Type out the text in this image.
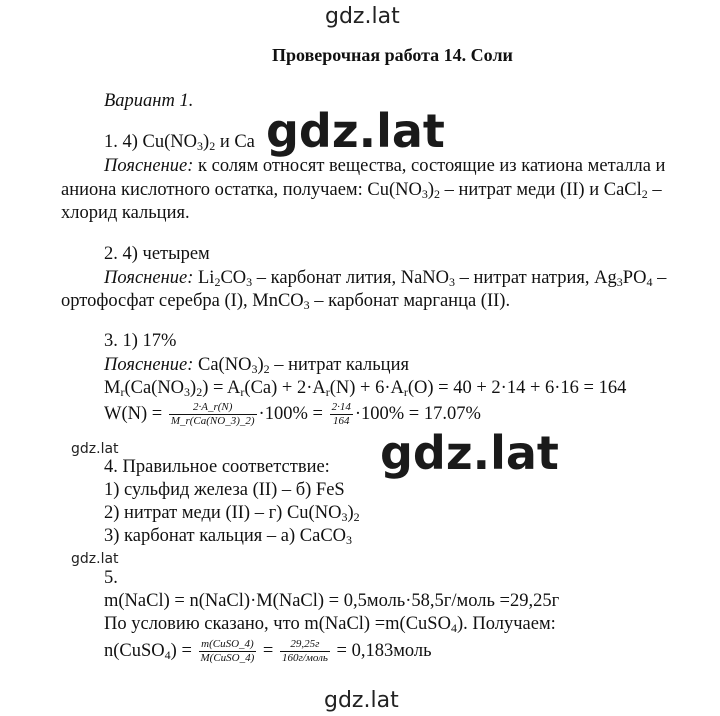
gdz.lat
Проверочная работа 14. Соли
Вариант 1.
1. 4) $Cu(NO_3)_2$ и Ca gdz.lat
Пояснение: к солям относят вещества, состоящие из катиона металла и
аниона кислотного остатка, получаем: $Cu(NO_3)_2$ – нитрат меди (II) и CaCl$_2$ –
хлорид кальция.
2. 4) четырем
Пояснение: $Li_2CO_3$ – карбонат лития, NaNO$_3$ – нитрат натрия, $Ag_3PO_4$ –
ортофосфат серебра (I), MnCO$_3$ – карбонат марганца (II).
3. 1) 17%
Пояснение: $Ca(NO_3)_2$ – нитрат кальция
$M_r(Ca(NO_3)_2) = A_r(Ca) + 2\cdot A_r(N) + 6\cdot A_r(O) = 40 + 2\cdot 14 + 6\cdot 16 = 164$
$W(N) = \frac{2\cdot A\_r(N)}{M\_r(Ca(NO\_3)\_2)} \cdot 100\% = \frac{2\cdot 14}{164} \cdot 100\% = 17.07\%$
gdz.lat	gdz.lat
4. Правильное соответствие:
1) сульфид железа (II) – б) FeS
2) нитрат меди (II) – г) $Cu(NO_3)_2$
3) карбонат кальция – а) CaCO$_3$
gdz.lat
5.
m(NaCl) = n(NaCl)·M(NaCl) = 0,5моль·58,5г/моль =29,25г
По условию сказано, что m(NaCl) =m(CuSO$_4$). Получаем:
n(CuSO$_4$) = $\frac{\text{m(CuSO\_4)}}{\text{M(CuSO\_4)}} = \frac{29,25г}{\text{160г/моль}}$ = 0,183моль
gdz.lat
